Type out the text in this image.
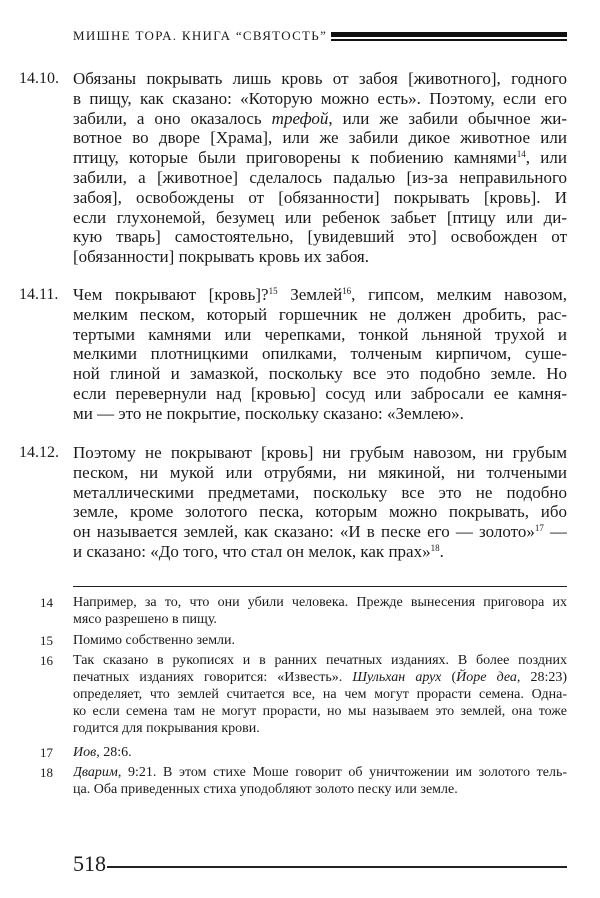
МИШНЕ ТОРА. КНИГА “СВЯТОСТЬ”
14.10. Обязаны покрывать лишь кровь от забоя [животного], годного
в пищу, как сказано: «Которую можно есть». Поэтому, если его
забили, а оно оказалось трефой, или же забили обычное жи-
вотное во дворе [Храма], или же забили дикое животное или
птицу, которые были приговорены к побиению камнями$^{14}$, или
забили, а [животное] сделалось падалью [из-за неправильного
забоя], освобождены от [обязанности] покрывать [кровь]. И
если глухонемой, безумец или ребенок забьет [птицу или ди-
кую тварь] самостоятельно, [увидевший это] освобожден от
[обязанности] покрывать кровь их забоя.
14.11. Чем покрывают [кровь]?$^{15}$ Землей$^{16}$, гипсом, мелким навозом,
мелким песком, который горшечник не должен дробить, рас-
тертыми камнями или черепками, тонкой льняной трухой и
мелкими плотницкими опилками, толченым кирпичом, суше-
ной глиной и замазкой, поскольку все это подобно земле. Но
если перевернули над [кровью] сосуд или забросали ее камня-
ми — это не покрытие, поскольку сказано: «Землею».
14.12. Поэтому не покрывают [кровь] ни грубым навозом, ни грубым
песком, ни мукой или отрубями, ни мякиной, ни толчеными
металлическими предметами, поскольку все это не подобно
земле, кроме золотого песка, которым можно покрывать, ибо
он называется землей, как сказано: «И в песке его — золото»$^{17}$ —
и сказано: «До того, что стал он мелок, как прах»$^{18}$.
14 Например, за то, что они убили человека. Прежде вынесения приговора их
мясо разрешено в пищу.
15 Помимо собственно земли.
16 Так сказано в рукописях и в ранних печатных изданиях. В более поздних
печатных изданиях говорится: «Известь». Шульхан арух (Йоре деа, 28:23)
определяет, что землей считается все, на чем могут прорасти семена. Одна-
ко если семена там не могут прорасти, но мы называем это землей, она тоже
годится для покрывания крови.
17 Иов, 28:6.
18 Дварим, 9:21. В этом стихе Моше говорит об уничтожении им золотого тель-
ца. Оба приведенных стиха уподобляют золото песку или земле.
518
